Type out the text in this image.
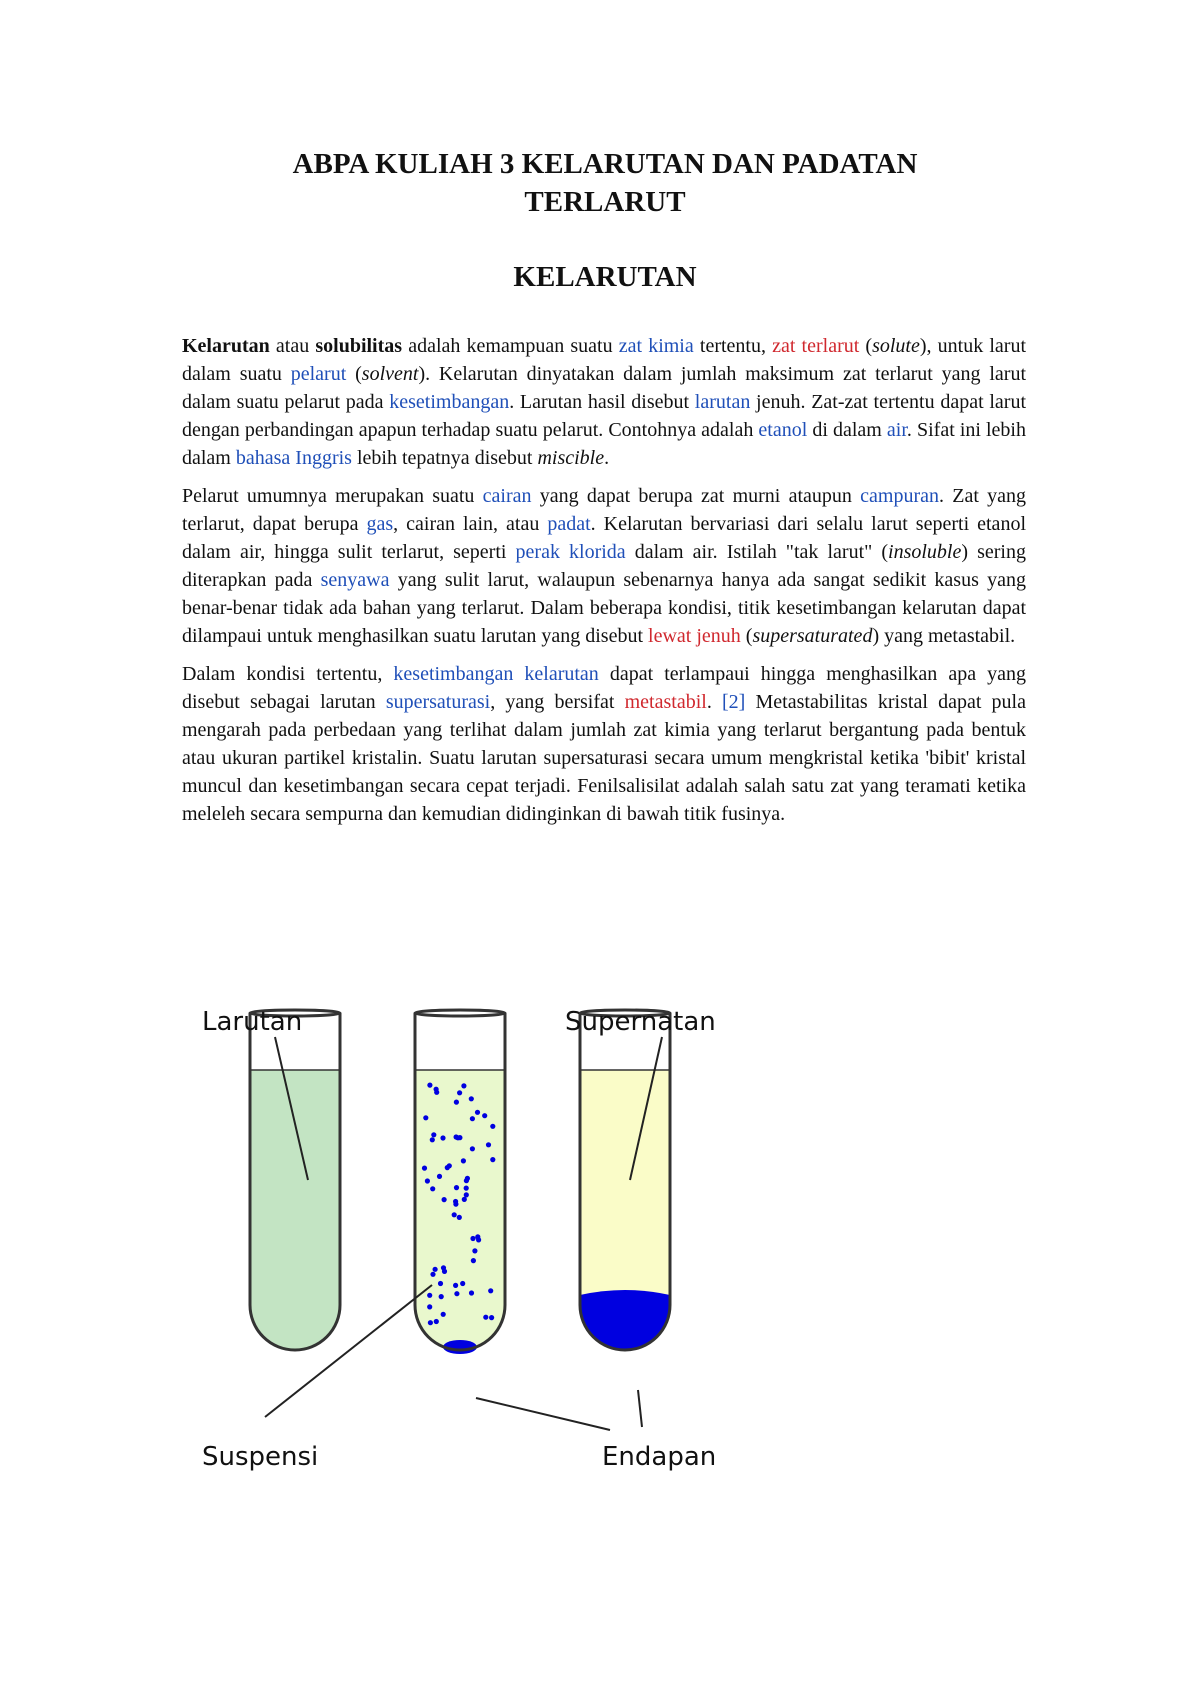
ABPA KULIAH 3 KELARUTAN DAN PADATAN
TERLARUT
KELARUTAN

Kelarutan atau solubilitas adalah kemampuan suatu zat kimia tertentu, zat terlarut (solute), untuk larut dalam suatu pelarut (solvent). Kelarutan dinyatakan dalam jumlah maksimum zat terlarut yang larut dalam suatu pelarut pada kesetimbangan. Larutan hasil disebut larutan jenuh. Zat-zat tertentu dapat larut dengan perbandingan apapun terhadap suatu pelarut. Contohnya adalah etanol di dalam air. Sifat ini lebih dalam bahasa Inggris lebih tepatnya disebut miscible.

Pelarut umumnya merupakan suatu cairan yang dapat berupa zat murni ataupun campuran. Zat yang terlarut, dapat berupa gas, cairan lain, atau padat. Kelarutan bervariasi dari selalu larut seperti etanol dalam air, hingga sulit terlarut, seperti perak klorida dalam air. Istilah "tak larut" (insoluble) sering diterapkan pada senyawa yang sulit larut, walaupun sebenarnya hanya ada sangat sedikit kasus yang benar-benar tidak ada bahan yang terlarut. Dalam beberapa kondisi, titik kesetimbangan kelarutan dapat dilampaui untuk menghasilkan suatu larutan yang disebut lewat jenuh (supersaturated) yang metastabil.

Dalam kondisi tertentu, kesetimbangan kelarutan dapat terlampaui hingga menghasilkan apa yang disebut sebagai larutan supersaturasi, yang bersifat metastabil. [2] Metastabilitas kristal dapat pula mengarah pada perbedaan yang terlihat dalam jumlah zat kimia yang terlarut bergantung pada bentuk atau ukuran partikel kristalin. Suatu larutan supersaturasi secara umum mengkristal ketika 'bibit' kristal muncul dan kesetimbangan secara cepat terjadi. Fenilsalisilat adalah salah satu zat yang teramati ketika meleleh secara sempurna dan kemudian didinginkan di bawah titik fusinya.

Larutan	Supernatan
Suspensi	Endapan
